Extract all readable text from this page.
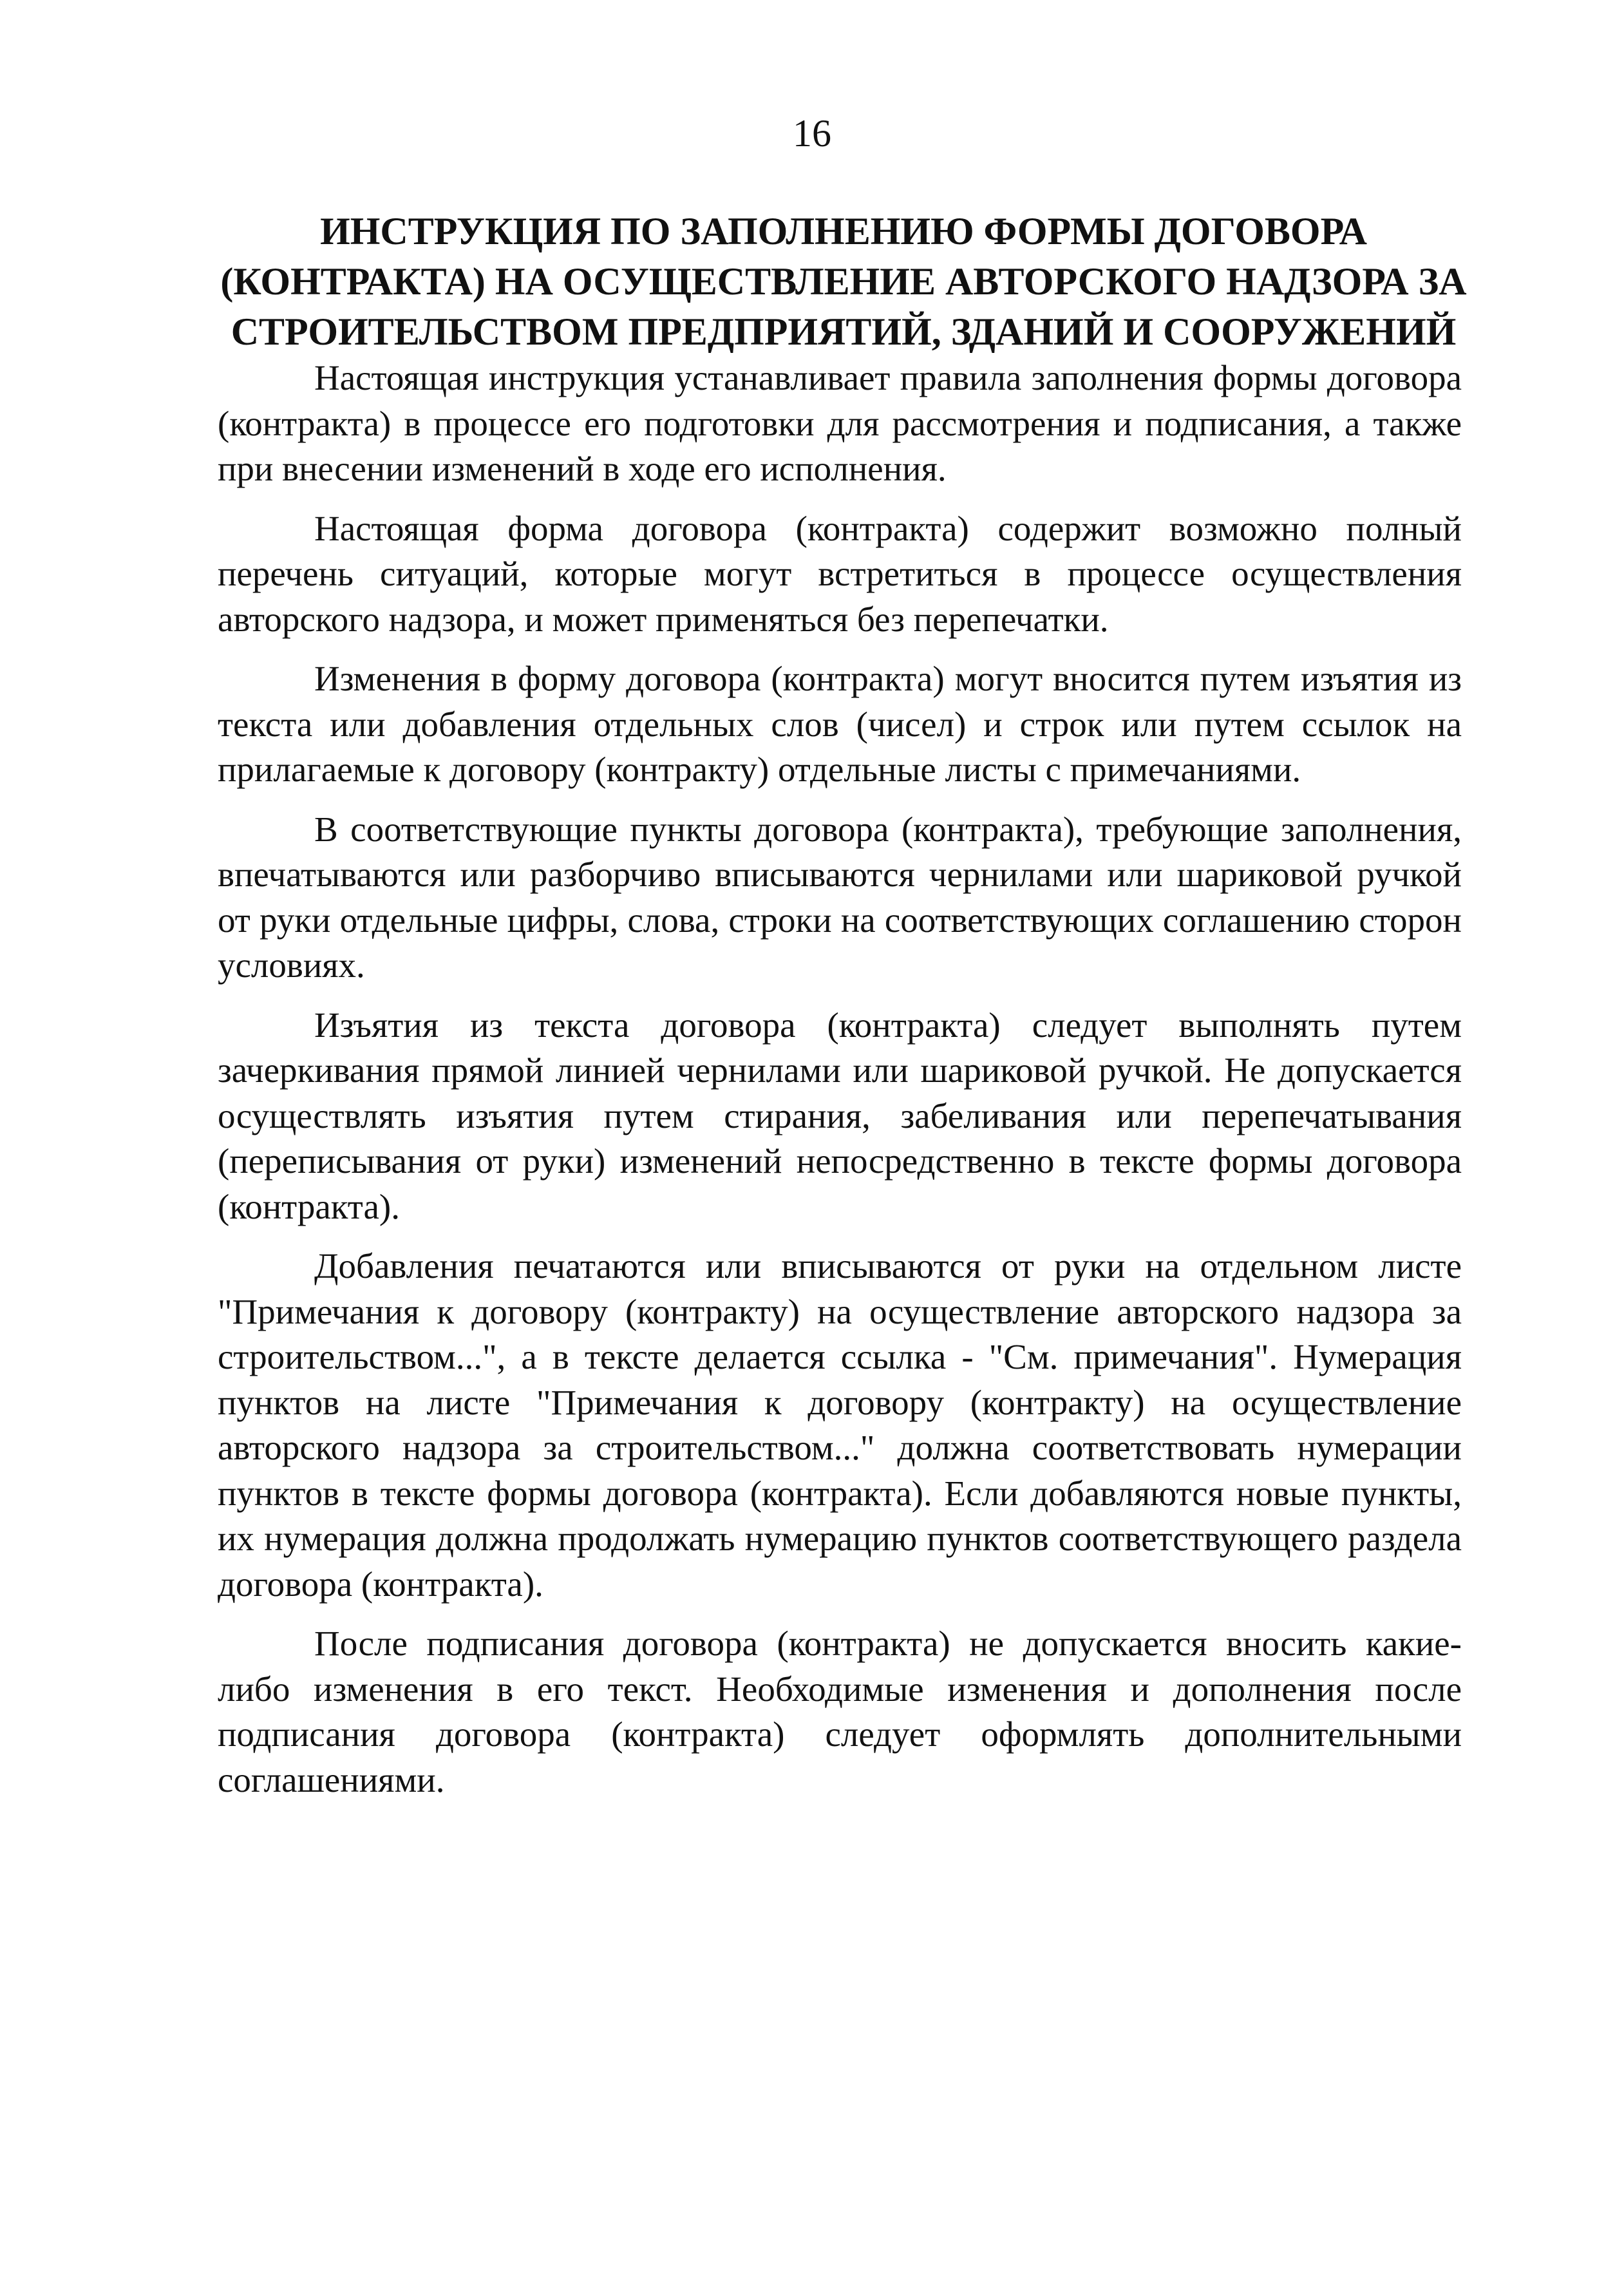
16
ИНСТРУКЦИЯ ПО ЗАПОЛНЕНИЮ ФОРМЫ ДОГОВОРА (КОНТРАКТА) НА ОСУЩЕСТВЛЕНИЕ АВТОРСКОГО НАДЗОРА ЗА СТРОИТЕЛЬСТВОМ ПРЕДПРИЯТИЙ, ЗДАНИЙ И СООРУЖЕНИЙ

Настоящая инструкция устанавливает правила заполнения формы договора (контракта) в процессе его подготовки для рассмотрения и подписания, а также при внесении изменений в ходе его исполнения.

Настоящая форма договора (контракта) содержит возможно полный перечень ситуаций, которые могут встретиться в процессе осуществления авторского надзора, и может применяться без перепечатки.

Изменения в форму договора (контракта) могут вносится путем изъятия из текста или добавления отдельных слов (чисел) и строк или путем ссылок на прилагаемые к договору (контракту) отдельные листы с примечаниями.

В соответствующие пункты договора (контракта), требующие заполнения, впечатываются или разборчиво вписываются чернилами или шариковой ручкой от руки отдельные цифры, слова, строки на соответствующих соглашению сторон условиях.

Изъятия из текста договора (контракта) следует выполнять путем зачеркивания прямой линией чернилами или шариковой ручкой. Не допускается осуществлять изъятия путем стирания, забеливания или перепечатывания (переписывания от руки) изменений непосредственно в тексте формы договора (контракта).

Добавления печатаются или вписываются от руки на отдельном листе "Примечания к договору (контракту) на осуществление авторского надзора за строительством...", а в тексте делается ссылка - "См. примечания". Нумерация пунктов на листе "Примечания к договору (контракту) на осуществление авторского надзора за строительством..." должна соответствовать нумерации пунктов в тексте формы договора (контракта). Если добавляются новые пункты, их нумерация должна продолжать нумерацию пунктов соответствующего раздела договора (контракта).

После подписания договора (контракта) не допускается вносить какие-либо изменения в его текст. Необходимые изменения и дополнения после подписания договора (контракта) следует оформлять дополнительными соглашениями.
